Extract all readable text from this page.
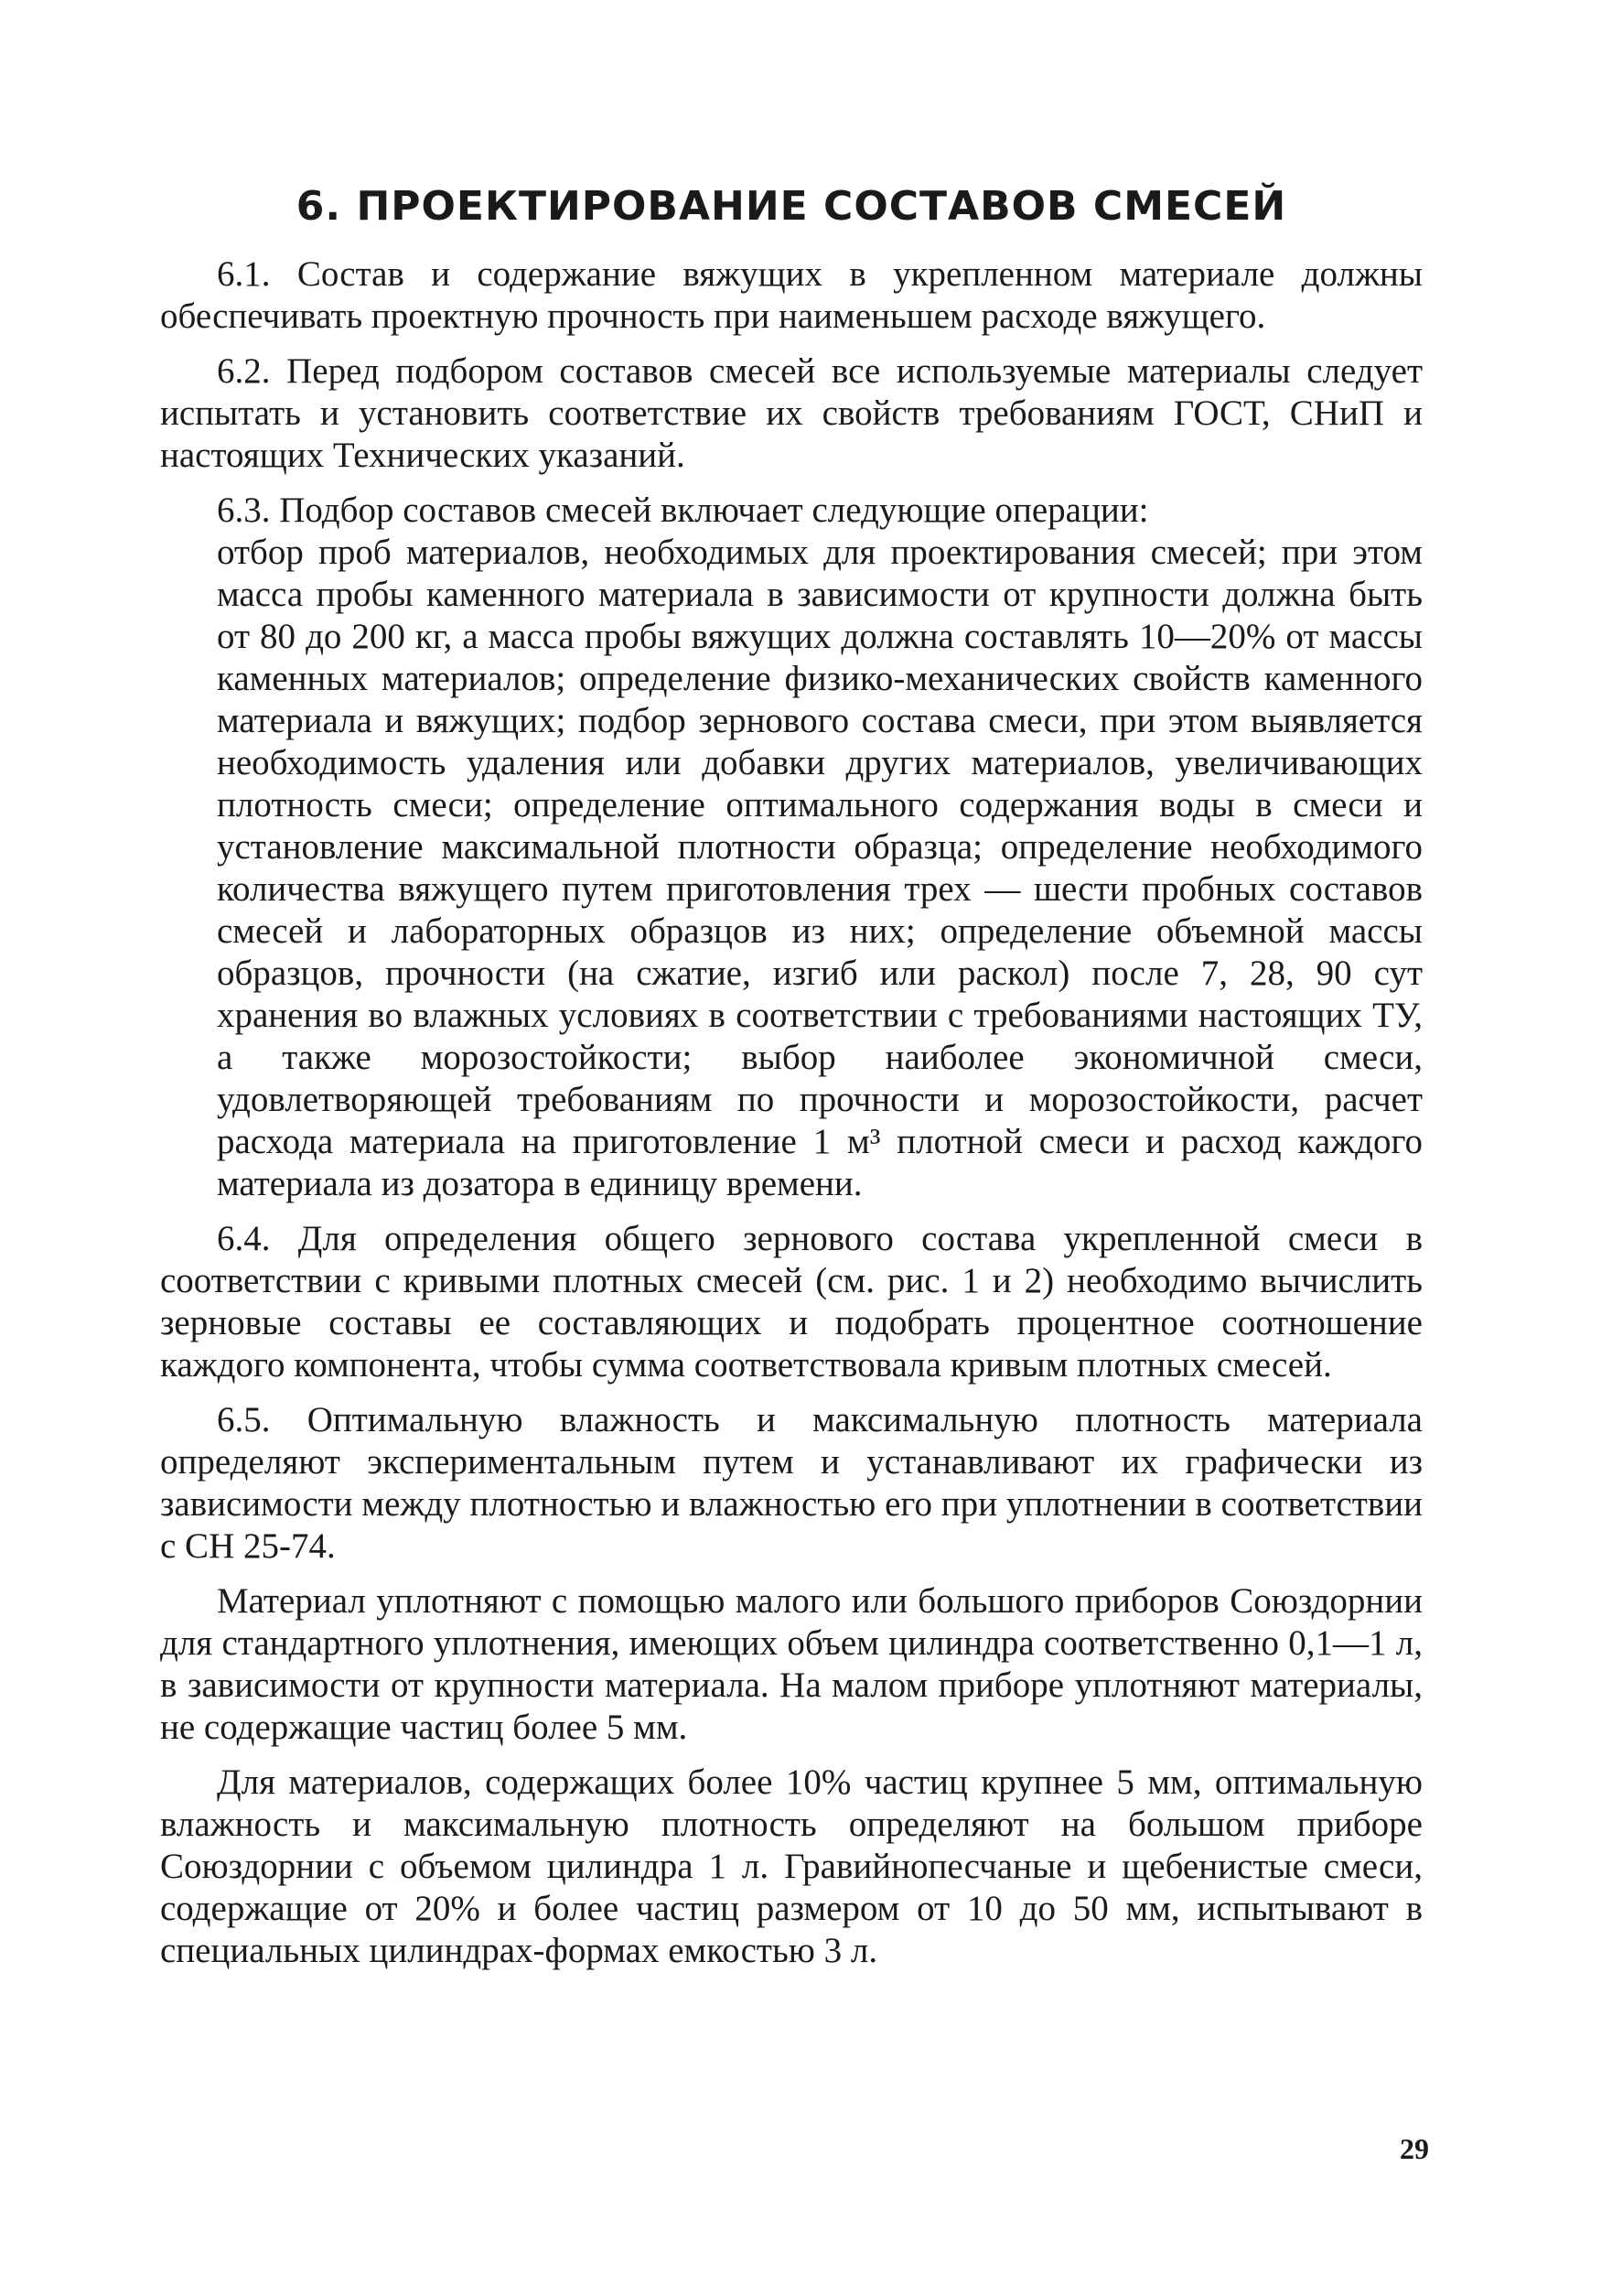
6. ПРОЕКТИРОВАНИЕ СОСТАВОВ СМЕСЕЙ

6.1. Состав и содержание вяжущих в укрепленном материале должны обеспечивать проектную прочность при наименьшем расходе вяжущего.

6.2. Перед подбором составов смесей все используемые материалы следует испытать и установить соответствие их свойств требованиям ГОСТ, СНиП и настоящих Технических указаний.

6.3. Подбор составов смесей включает следующие операции:

отбор проб материалов, необходимых для проектирования смесей; при этом масса пробы каменного материала в зависимости от крупности должна быть от 80 до 200 кг, а масса пробы вяжущих должна составлять 10—20% от массы каменных материалов; определение физико-механических свойств каменного материала и вяжущих; подбор зернового состава смеси, при этом выявляется необходимость удаления или добавки других материалов, увеличивающих плотность смеси; определение оптимального содержания воды в смеси и установление максимальной плотности образца; определение необходимого количества вяжущего путем приготовления трех — шести пробных составов смесей и лабораторных образцов из них; определение объемной массы образцов, прочности (на сжатие, изгиб или раскол) после 7, 28, 90 сут хранения во влажных условиях в соответствии с требованиями настоящих ТУ, а также морозостойкости; выбор наиболее экономичной смеси, удовлетворяющей требованиям по прочности и морозостойкости, расчет расхода материала на приготовление 1 м³ плотной смеси и расход каждого материала из дозатора в единицу времени.

6.4. Для определения общего зернового состава укрепленной смеси в соответствии с кривыми плотных смесей (см. рис. 1 и 2) необходимо вычислить зерновые составы ее составляющих и подобрать процентное соотношение каждого компонента, чтобы сумма соответствовала кривым плотных смесей.

6.5. Оптимальную влажность и максимальную плотность материала определяют экспериментальным путем и устанавливают их графически из зависимости между плотностью и влажностью его при уплотнении в соответствии с СН 25-74.

Материал уплотняют с помощью малого или большого приборов Союздорнии для стандартного уплотнения, имеющих объем цилиндра соответственно 0,1—1 л, в зависимости от крупности материала. На малом приборе уплотняют материалы, не содержащие частиц более 5 мм.

Для материалов, содержащих более 10% частиц крупнее 5 мм, оптимальную влажность и максимальную плотность определяют на большом приборе Союздорнии с объемом цилиндра 1 л. Гравийнопесчаные и щебенистые смеси, содержащие от 20% и более частиц размером от 10 до 50 мм, испытывают в специальных цилиндрах-формах емкостью 3 л.

29
